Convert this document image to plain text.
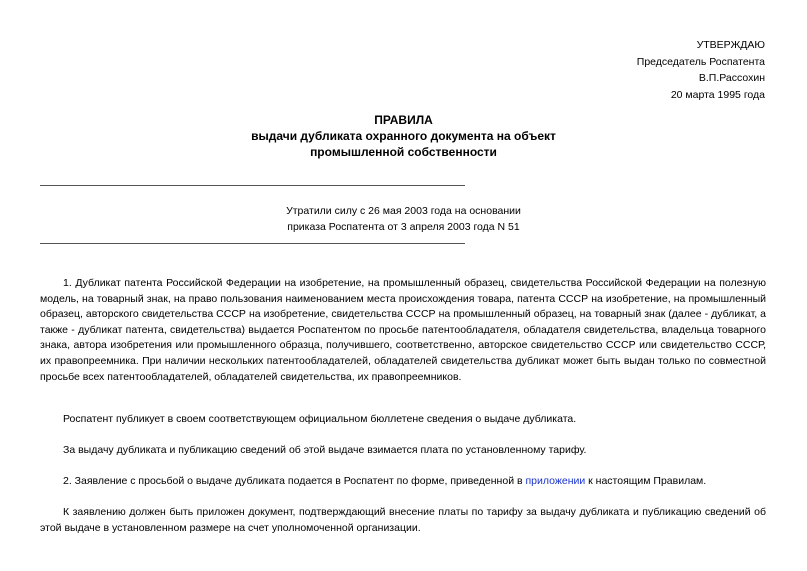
УТВЕРЖДАЮ
Председатель Роспатента
В.П.Рассохин
20 марта 1995 года
ПРАВИЛА
выдачи дубликата охранного документа на объект
промышленной собственности
Утратили силу с 26 мая 2003 года на основании
приказа Роспатента от 3 апреля 2003 года N 51

1. Дубликат патента Российской Федерации на изобретение, на промышленный образец, свидетельства Российской Федерации на полезную модель, на товарный знак, на право пользования наименованием места происхождения товара, патента СССР на изобретение, на промышленный образец, авторского свидетельства СССР на изобретение, свидетельства СССР на промышленный образец, на товарный знак (далее - дубликат, а также - дубликат патента, свидетельства) выдается Роспатентом по просьбе патентообладателя, обладателя свидетельства, владельца товарного знака, автора изобретения или промышленного образца, получившего, соответственно, авторское свидетельство СССР или свидетельство СССР, их правопреемника. При наличии нескольких патентообладателей, обладателей свидетельства дубликат может быть выдан только по совместной просьбе всех патентообладателей, обладателей свидетельства, их правопреемников.

Роспатент публикует в своем соответствующем официальном бюллетене сведения о выдаче дубликата.

За выдачу дубликата и публикацию сведений об этой выдаче взимается плата по установленному тарифу.

2. Заявление с просьбой о выдаче дубликата подается в Роспатент по форме, приведенной в приложении к настоящим Правилам.

К заявлению должен быть приложен документ, подтверждающий внесение платы по тарифу за выдачу дубликата и публикацию сведений об этой выдаче в установленном размере на счет уполномоченной организации.
